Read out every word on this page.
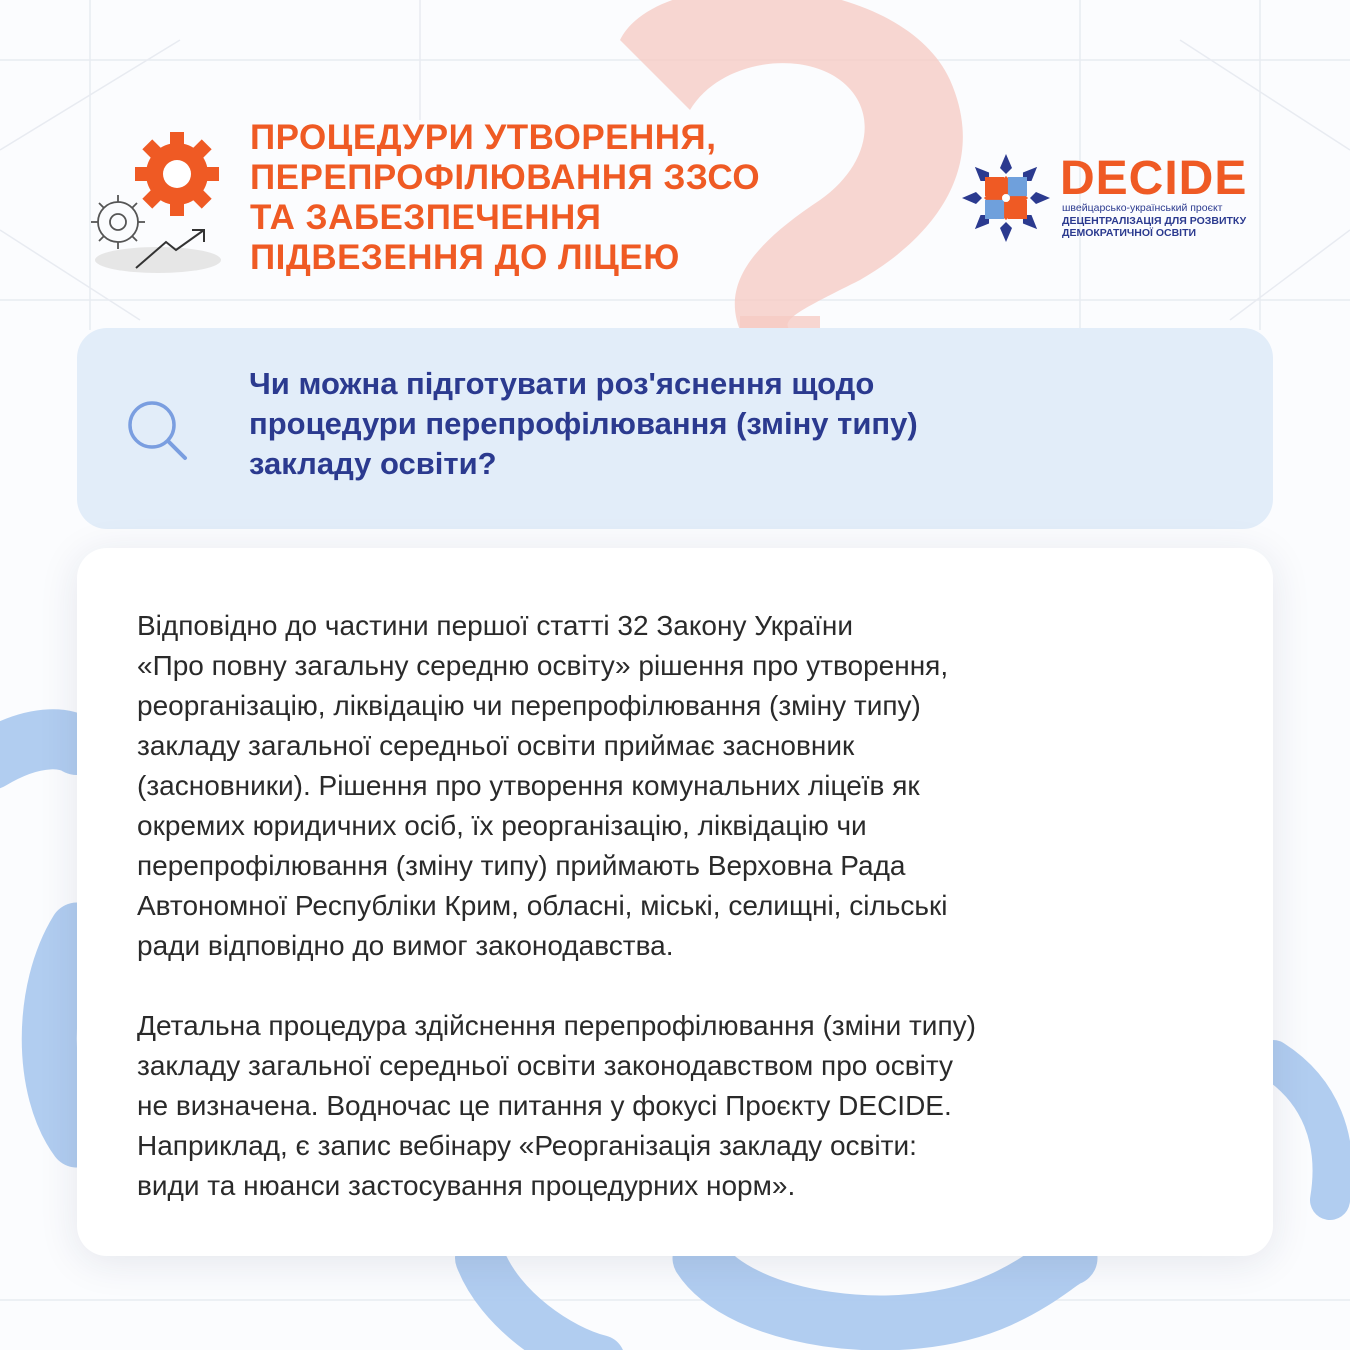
ПРОЦЕДУРИ УТВОРЕННЯ,
ПЕРЕПРОФІЛЮВАННЯ ЗЗСО
ТА ЗАБЕЗПЕЧЕННЯ
ПІДВЕЗЕННЯ ДО ЛІЦЕЮ
DECIDE
швейцарсько-український проєкт
ДЕЦЕНТРАЛІЗАЦІЯ ДЛЯ РОЗВИТКУ
ДЕМОКРАТИЧНОЇ ОСВІТИ
Чи можна підготувати роз'яснення щодо
процедури перепрофілювання (зміну типу)
закладу освіти?
Відповідно до частини першої статті 32 Закону України
«Про повну загальну середню освіту» рішення про утворення,
реорганізацію, ліквідацію чи перепрофілювання (зміну типу)
закладу загальної середньої освіти приймає засновник
(засновники). Рішення про утворення комунальних ліцеїв як
окремих юридичних осіб, їх реорганізацію, ліквідацію чи
перепрофілювання (зміну типу) приймають Верховна Рада
Автономної Республіки Крим, обласні, міські, селищні, сільські
ради відповідно до вимог законодавства.
Детальна процедура здійснення перепрофілювання (зміни типу)
закладу загальної середньої освіти законодавством про освіту
не визначена. Водночас це питання у фокусі Проєкту DECIDE.
Наприклад, є запис вебінару «Реорганізація закладу освіти:
види та нюанси застосування процедурних норм».
